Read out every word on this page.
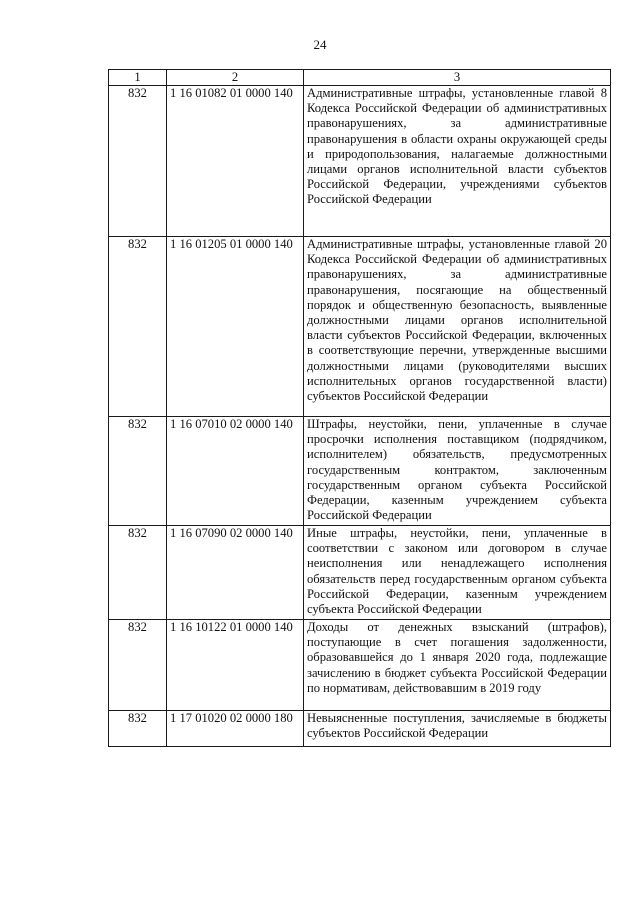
24
1	2	3
832	1 16 01082 01 0000 140	Административные штрафы, установленные главой 8 Кодекса Российской Федерации об административных правонарушениях, за административные правонарушения в области охраны окружающей среды и природопользования, налагаемые должностными лицами органов исполнительной власти субъектов Российской Федерации, учреждениями субъектов Российской Федерации
832	1 16 01205 01 0000 140	Административные штрафы, установленные главой 20 Кодекса Российской Федерации об административных правонарушениях, за административные правонарушения, посягающие на общественный порядок и общественную безопасность, выявленные должностными лицами органов исполнительной власти субъектов Российской Федерации, включенных в соответствующие перечни, утвержденные высшими должностными лицами (руководителями высших исполнительных органов государственной власти) субъектов Российской Федерации
832	1 16 07010 02 0000 140	Штрафы, неустойки, пени, уплаченные в случае просрочки исполнения поставщиком (подрядчиком, исполнителем) обязательств, предусмотренных государственным контрактом, заключенным государственным органом субъекта Российской Федерации, казенным учреждением субъекта Российской Федерации
832	1 16 07090 02 0000 140	Иные штрафы, неустойки, пени, уплаченные в соответствии с законом или договором в случае неисполнения или ненадлежащего исполнения обязательств перед государственным органом субъекта Российской Федерации, казенным учреждением субъекта Российской Федерации
832	1 16 10122 01 0000 140	Доходы от денежных взысканий (штрафов), поступающие в счет погашения задолженности, образовавшейся до 1 января 2020 года, подлежащие зачислению в бюджет субъекта Российской Федерации по нормативам, действовавшим в 2019 году
832	1 17 01020 02 0000 180	Невыясненные поступления, зачисляемые в бюджеты субъектов Российской Федерации
